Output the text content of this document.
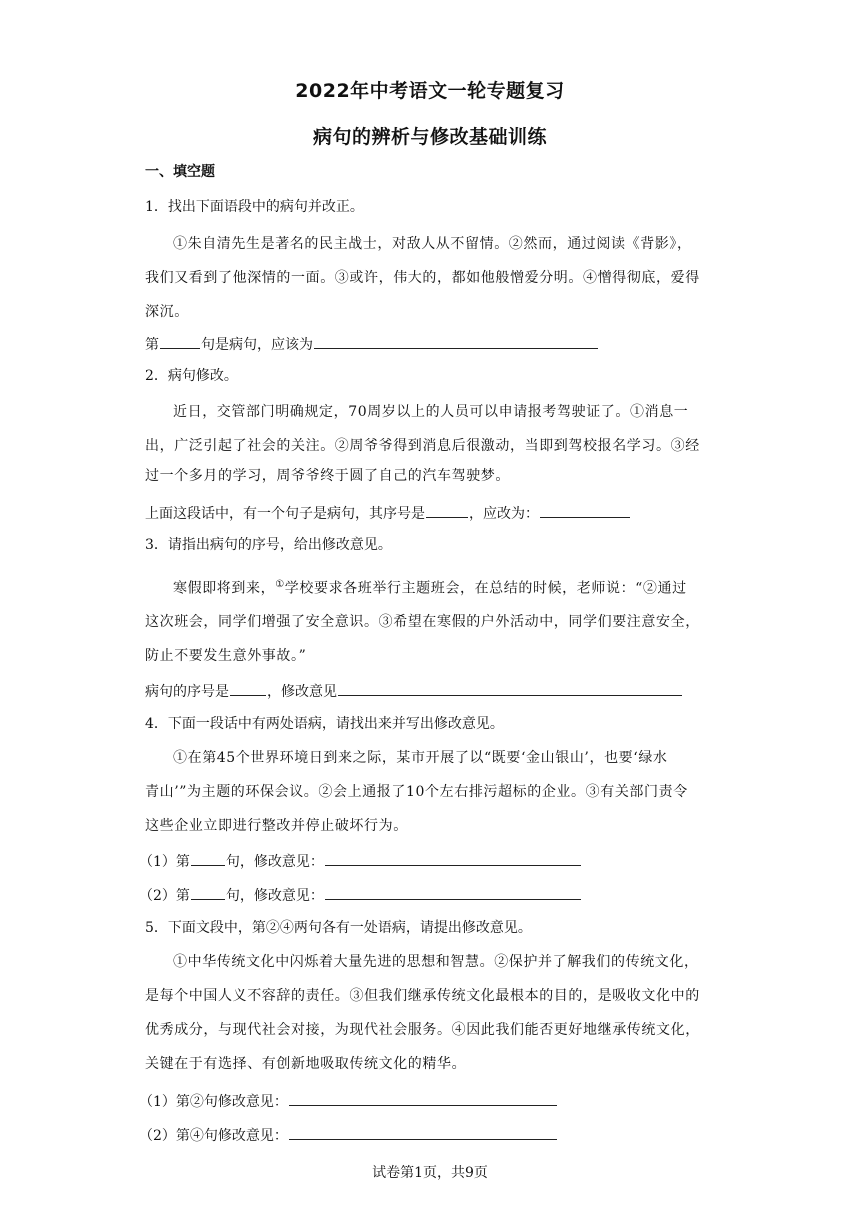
2022年中考语文一轮专题复习
病句的辨析与修改基础训练
一、填空题
1．找出下面语段中的病句并改正。
①朱自清先生是著名的民主战士，对敌人从不留情。②然而，通过阅读《背影》，
我们又看到了他深情的一面。③或许，伟大的，都如他般憎爱分明。④憎得彻底，爱得
深沉。
第	句是病句，应该为
2．病句修改。
近日，交管部门明确规定，70周岁以上的人员可以申请报考驾驶证了。①消息一
出，广泛引起了社会的关注。②周爷爷得到消息后很激动，当即到驾校报名学习。③经
过一个多月的学习，周爷爷终于圆了自己的汽车驾驶梦。
上面这段话中，有一个句子是病句，其序号是	，应改为：
3．请指出病句的序号，给出修改意见。
寒假即将到来，①学校要求各班举行主题班会，在总结的时候，老师说：“②通过
这次班会，同学们增强了安全意识。③希望在寒假的户外活动中，同学们要注意安全，
防止不要发生意外事故。”
病句的序号是	，修改意见
4．下面一段话中有两处语病，请找出来并写出修改意见。
①在第45个世界环境日到来之际，某市开展了以“既要‘金山银山’，也要‘绿水
青山’”为主题的环保会议。②会上通报了10个左右排污超标的企业。③有关部门责令
这些企业立即进行整改并停止破坏行为。
（1）第	句，修改意见：
（2）第	句，修改意见：
5．下面文段中，第②④两句各有一处语病，请提出修改意见。
①中华传统文化中闪烁着大量先进的思想和智慧。②保护并了解我们的传统文化，
是每个中国人义不容辞的责任。③但我们继承传统文化最根本的目的，是吸收文化中的
优秀成分，与现代社会对接，为现代社会服务。④因此我们能否更好地继承传统文化，
关键在于有选择、有创新地吸取传统文化的精华。
（1）第②句修改意见：
（2）第④句修改意见：
试卷第1页，共9页
